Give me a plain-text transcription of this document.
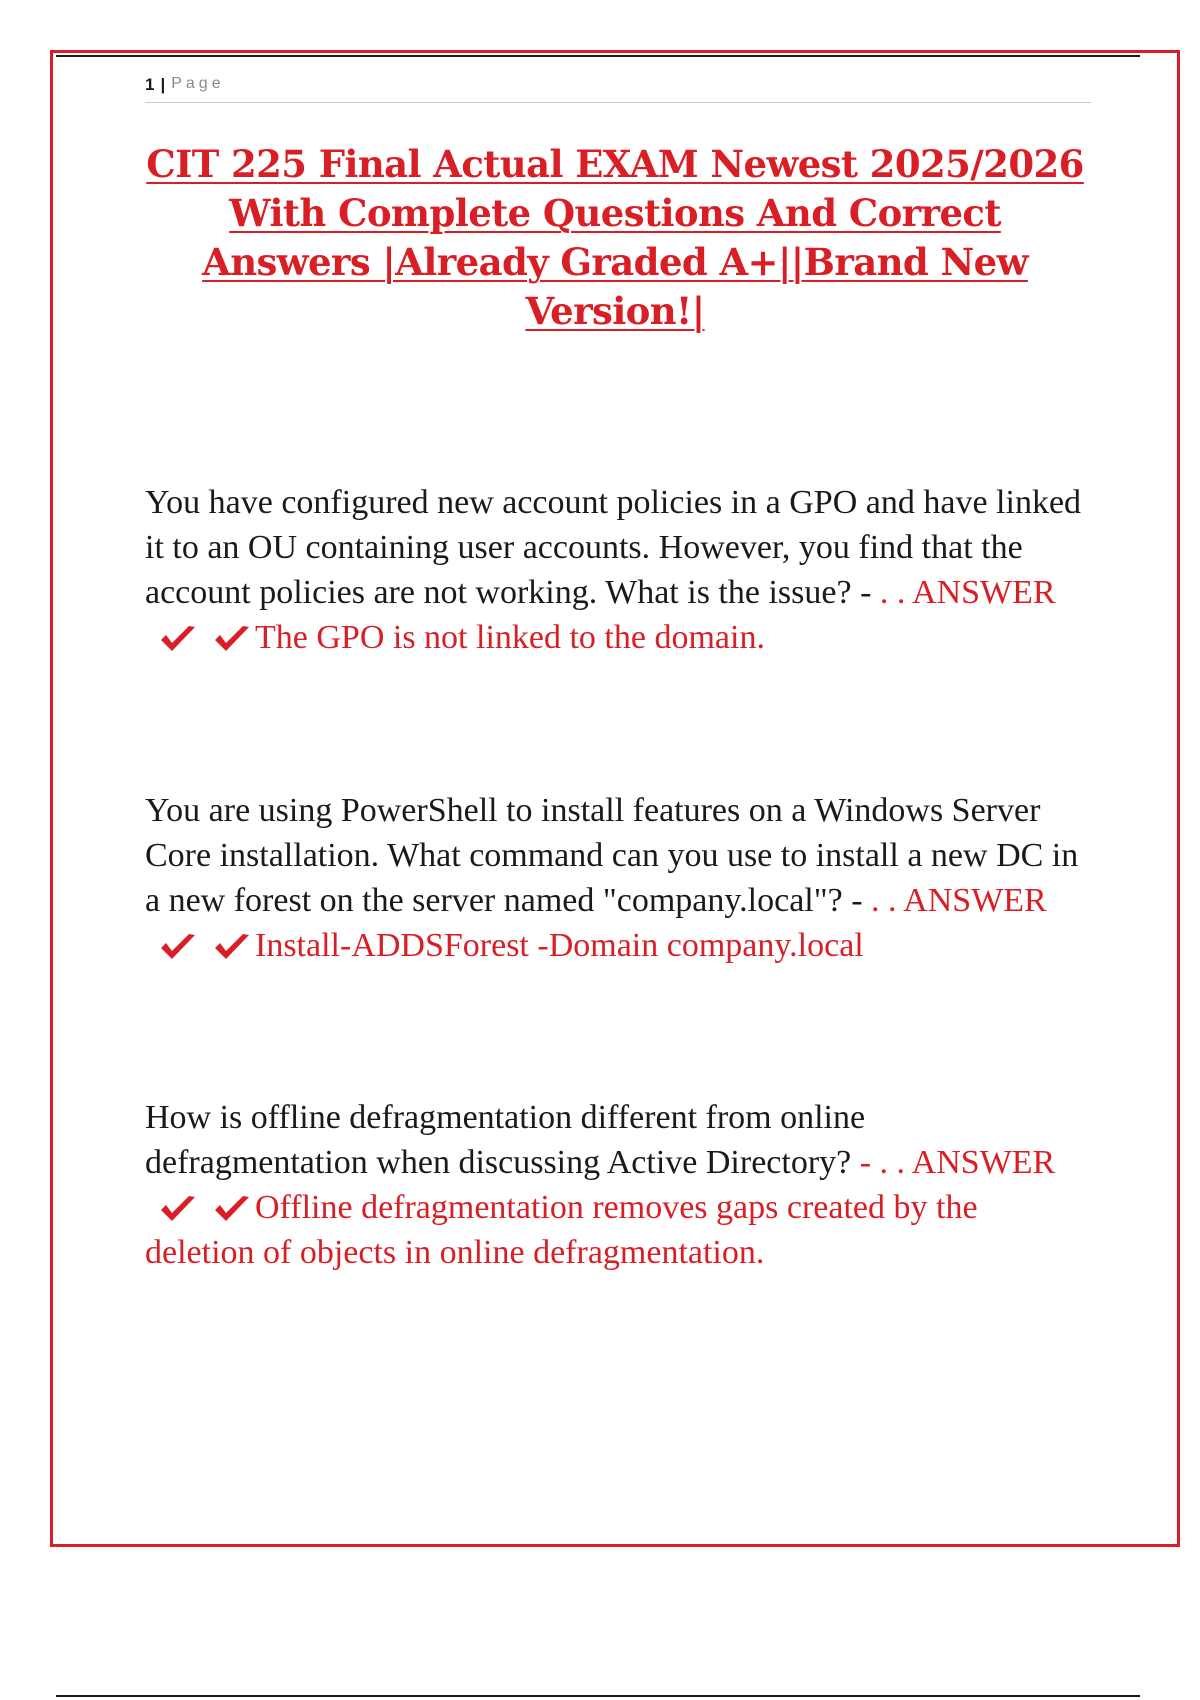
1 | Page
CIT 225 Final Actual EXAM Newest 2025/2026 With Complete Questions And Correct Answers |Already Graded A+||Brand New Version!|

You have configured new account policies in a GPO and have linked it to an OU containing user accounts. However, you find that the account policies are not working. What is the issue? - . . ANSWER
The GPO is not linked to the domain.

You are using PowerShell to install features on a Windows Server Core installation. What command can you use to install a new DC in a new forest on the server named "company.local"? - . . ANSWER
Install-ADDSForest -Domain company.local

How is offline defragmentation different from online defragmentation when discussing Active Directory? - . . ANSWER
Offline defragmentation removes gaps created by the deletion of objects in online defragmentation.
